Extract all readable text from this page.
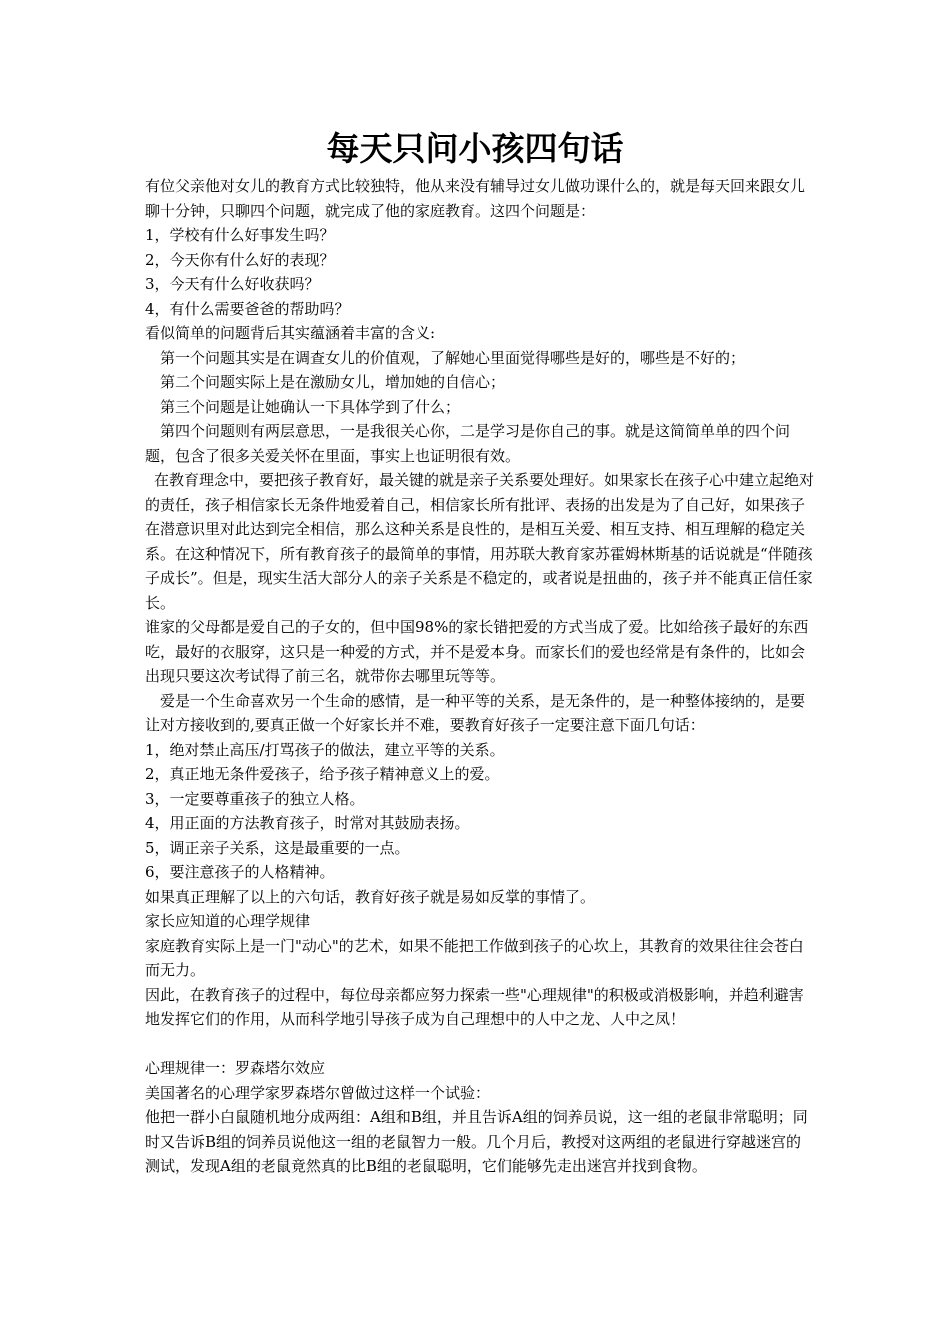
每天只问小孩四句话

有位父亲他对女儿的教育方式比较独特，他从来没有辅导过女儿做功课什么的，就是每天回来跟女儿聊十分钟，只聊四个问题，就完成了他的家庭教育。这四个问题是：

1，学校有什么好事发生吗？

2，今天你有什么好的表现？

3，今天有什么好收获吗？

4，有什么需要爸爸的帮助吗？

看似简单的问题背后其实蕴涵着丰富的含义:

第一个问题其实是在调查女儿的价值观，了解她心里面觉得哪些是好的，哪些是不好的；

第二个问题实际上是在激励女儿，增加她的自信心；

第三个问题是让她确认一下具体学到了什么；

第四个问题则有两层意思，一是我很关心你，二是学习是你自己的事。就是这简简单单的四个问题，包含了很多关爱关怀在里面，事实上也证明很有效。

在教育理念中，要把孩子教育好，最关键的就是亲子关系要处理好。如果家长在孩子心中建立起绝对的责任，孩子相信家长无条件地爱着自己，相信家长所有批评、表扬的出发是为了自己好，如果孩子在潜意识里对此达到完全相信，那么这种关系是良性的，是相互关爱、相互支持、相互理解的稳定关系。在这种情况下，所有教育孩子的最简单的事情，用苏联大教育家苏霍姆林斯基的话说就是“伴随孩子成长”。但是，现实生活大部分人的亲子关系是不稳定的，或者说是扭曲的，孩子并不能真正信任家长。

谁家的父母都是爱自己的子女的，但中国98%的家长错把爱的方式当成了爱。比如给孩子最好的东西吃，最好的衣服穿，这只是一种爱的方式，并不是爱本身。而家长们的爱也经常是有条件的，比如会出现只要这次考试得了前三名，就带你去哪里玩等等。

爱是一个生命喜欢另一个生命的感情，是一种平等的关系，是无条件的，是一种整体接纳的，是要让对方接收到的,要真正做一个好家长并不难，要教育好孩子一定要注意下面几句话：

1，绝对禁止高压/打骂孩子的做法，建立平等的关系。

2，真正地无条件爱孩子，给予孩子精神意义上的爱。

3，一定要尊重孩子的独立人格。

4，用正面的方法教育孩子，时常对其鼓励表扬。

5，调正亲子关系，这是最重要的一点。

6，要注意孩子的人格精神。

如果真正理解了以上的六句话，教育好孩子就是易如反掌的事情了。

家长应知道的心理学规律

家庭教育实际上是一门"动心"的艺术，如果不能把工作做到孩子的心坎上，其教育的效果往往会苍白而无力。

因此，在教育孩子的过程中，每位母亲都应努力探索一些"心理规律"的积极或消极影响，并趋利避害地发挥它们的作用，从而科学地引导孩子成为自己理想中的人中之龙、人中之凤！

心理规律一：罗森塔尔效应

美国著名的心理学家罗森塔尔曾做过这样一个试验：

他把一群小白鼠随机地分成两组：A组和B组，并且告诉A组的饲养员说，这一组的老鼠非常聪明；同时又告诉B组的饲养员说他这一组的老鼠智力一般。几个月后，教授对这两组的老鼠进行穿越迷宫的测试，发现A组的老鼠竟然真的比B组的老鼠聪明，它们能够先走出迷宫并找到食物。
